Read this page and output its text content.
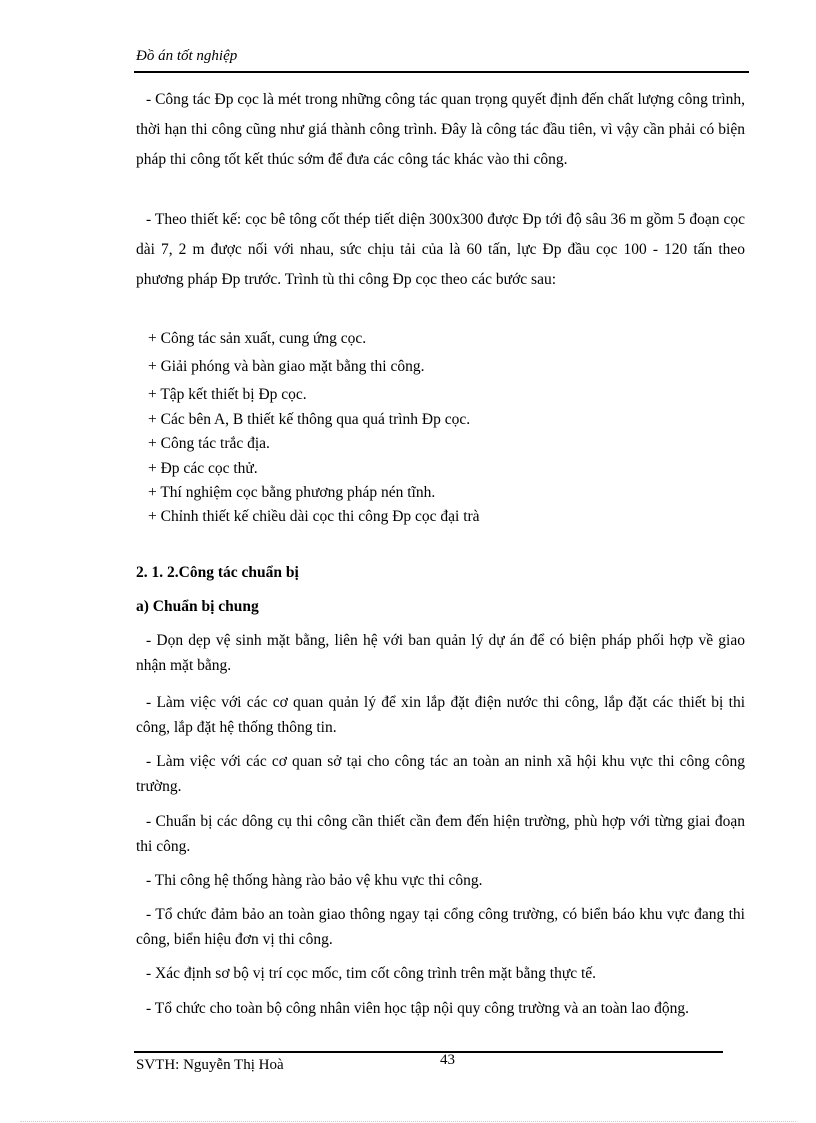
Đồ án tốt nghiệp

- Công tác Đp cọc là mét trong những công tác quan trọng quyết định đến chất lượng công trình, thời hạn thi công cũng như giá thành công trình. Đây là công tác đầu tiên, vì vậy cần phải có biện pháp thi công tốt kết thúc sớm để đưa các công tác khác vào thi công.

- Theo thiết kế: cọc bê tông cốt thép tiết diện 300x300 được Đp tới độ sâu 36 m gồm 5 đoạn cọc dài 7, 2 m được nối với nhau, sức chịu tải của là 60 tấn, lực Đp đầu cọc 100 - 120 tấn theo phương pháp Đp trước. Trình tù thi công Đp cọc theo các bước sau:

+ Công tác sản xuất, cung ứng cọc.

+ Giải phóng và bàn giao mặt bằng thi công.

+ Tập kết thiết bị Đp cọc.

+ Các bên A, B thiết kế thông qua quá trình Đp cọc.

+ Công tác trắc địa.

+ Đp các cọc thử.

+ Thí nghiệm cọc bằng phương pháp nén tĩnh.

+ Chỉnh thiết kế chiều dài cọc thi công Đp cọc đại trà

2. 1. 2.Công tác chuẩn bị

a) Chuẩn bị chung

- Dọn dẹp vệ sinh mặt bằng, liên hệ với ban quản lý dự án để có biện pháp phối hợp về giao nhận mặt bằng.

- Làm việc với các cơ quan quản lý để xin lắp đặt điện nước thi công, lắp đặt các thiết bị thi công, lắp đặt hệ thống thông tin.

- Làm việc với các cơ quan sở tại cho công tác an toàn an ninh xã hội khu vực thi công công trường.

- Chuẩn bị các dông cụ thi công cần thiết cần đem đến hiện trường, phù hợp với từng giai đoạn thi công.

- Thi công hệ thống hàng rào bảo vệ khu vực thi công.

- Tổ chức đảm bảo an toàn giao thông ngay tại cổng công trường, có biển báo khu vực đang thi công, biển hiệu đơn vị thi công.

- Xác định sơ bộ vị trí cọc mốc, tim cốt công trình trên mặt bằng thực tế.

- Tổ chức cho toàn bộ công nhân viên học tập nội quy công trường và an toàn lao động.

43
SVTH: Nguyễn Thị Hoà
